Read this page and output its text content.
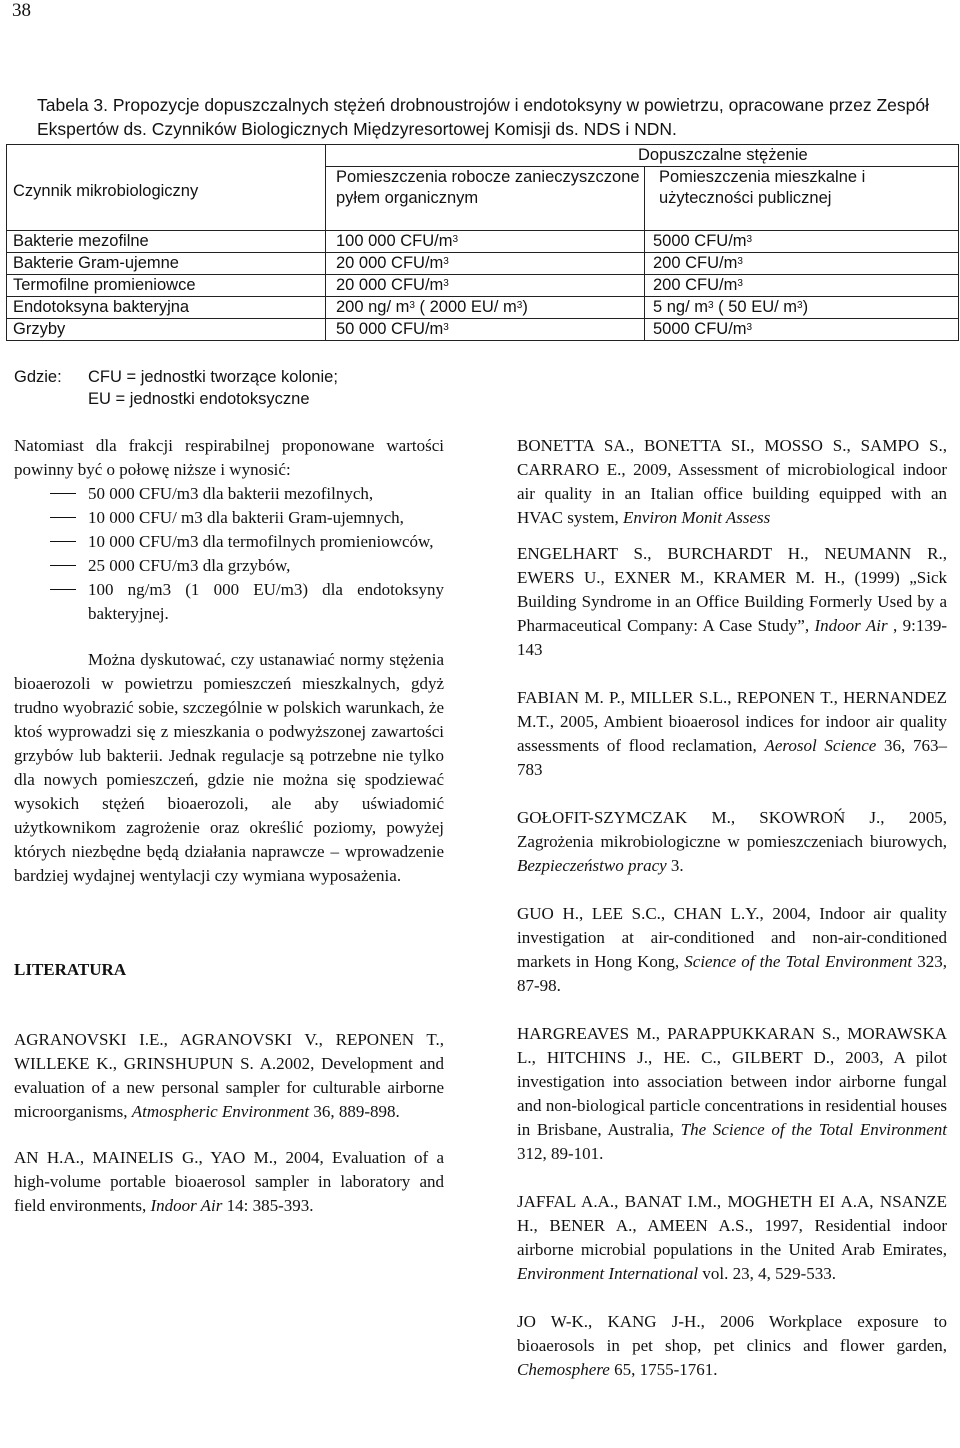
38
Tabela 3. Propozycje dopuszczalnych stężeń drobnoustrojów i endotoksyny w powietrzu, opracowane przez Zespół Ekspertów ds. Czynników Biologicznych Międzyresortowej Komisji ds. NDS i NDN.
Czynnik mikrobiologiczny	Dopuszczalne stężenie	
	Pomieszczenia robocze zanieczyszczone pyłem organicznym	Pomieszczenia mieszkalne i użyteczności publicznej
Bakterie mezofilne	100 000 CFU/$m^3$	5000 CFU/$m^3$
Bakterie Gram-ujemne	20 000 CFU/$m^3$	200 CFU/$m^3$
Termofilne promieniowce	20 000 CFU/$m^3$	200 CFU/$m^3$
Endotoksyna bakteryjna	200 ng/ $m^3$ ( 2000 EU/ $m^3$)	5 ng/ $m^3$ ( 50 EU/ $m^3$)
Grzyby	50 000 CFU/$m^3$	5000 CFU/$m^3$
Gdzie: CFU = jednostki tworzące kolonie;
EU = jednostki endotoksyczne

Natomiast dla frakcji respirabilnej proponowane wartości powinny być o połowę niższe i wynosić:

50 000 CFU/m3 dla bakterii mezofilnych,
10 000 CFU/ m3 dla bakterii Gram-ujemnych,
10 000 CFU/m3 dla termofilnych promieniowców,
25 000 CFU/m3 dla grzybów,
100 ng/m3 (1 000 EU/m3) dla endotoksyny bakteryjnej.

Można dyskutować, czy ustanawiać normy stężenia bioaerozoli w powietrzu pomieszczeń mieszkalnych, gdyż trudno wyobrazić sobie, szczególnie w polskich warunkach, że ktoś wyprowadzi się z mieszkania o podwyższonej zawartości grzybów lub bakterii. Jednak regulacje są potrzebne nie tylko dla nowych pomieszczeń, gdzie nie można się spodziewać wysokich stężeń bioaerozoli, ale aby uświadomić użytkownikom zagrożenie oraz określić poziomy, powyżej których niezbędne będą działania naprawcze – wprowadzenie bardziej wydajnej wentylacji czy wymiana wyposażenia.

LITERATURA

AGRANOVSKI I.E., AGRANOVSKI V., REPONEN T., WILLEKE K., GRINSHUPUN S. A.2002, Development and evaluation of a new personal sampler for culturable airborne microorganisms, Atmospheric Environment 36, 889-898.

AN H.A., MAINELIS G., YAO M., 2004, Evaluation of a high-volume portable bioaerosol sampler in laboratory and field environments, Indoor Air 14: 385-393.

BONETTA SA., BONETTA SI., MOSSO S., SAMPO S., CARRARO E., 2009, Assessment of microbiological indoor air quality in an Italian office building equipped with an HVAC system, Environ Monit Assess

ENGELHART S., BURCHARDT H., NEUMANN R., EWERS U., EXNER M., KRAMER M. H., (1999) „Sick Building Syndrome in an Office Building Formerly Used by a Pharmaceutical Company: A Case Study”, Indoor Air , 9:139-143

FABIAN M. P., MILLER S.L., REPONEN T., HERNANDEZ M.T., 2005, Ambient bioaerosol indices for indoor air quality assessments of flood reclamation, Aerosol Science 36, 763–783

GOŁOFIT-SZYMCZAK M., SKOWROŃ J., 2005, Zagrożenia mikrobiologiczne w pomieszczeniach biurowych, Bezpieczeństwo pracy 3.

GUO H., LEE S.C., CHAN L.Y., 2004, Indoor air quality investigation at air-conditioned and non-air-conditioned markets in Hong Kong, Science of the Total Environment 323, 87-98.

HARGREAVES M., PARAPPUKKARAN S., MORAWSKA L., HITCHINS J., HE. C., GILBERT D., 2003, A pilot investigation into association between indor airborne fungal and non-biological particle concentrations in residential houses in Brisbane, Australia, The Science of the Total Environment 312, 89-101.

JAFFAL A.A., BANAT I.M., MOGHETH EI A.A, NSANZE H., BENER A., AMEEN A.S., 1997, Residential indoor airborne microbial populations in the United Arab Emirates, Environment International vol. 23, 4, 529-533.

JO W-K., KANG J-H., 2006 Workplace exposure to bioaerosols in pet shop, pet clinics and flower garden, Chemosphere 65, 1755-1761.
